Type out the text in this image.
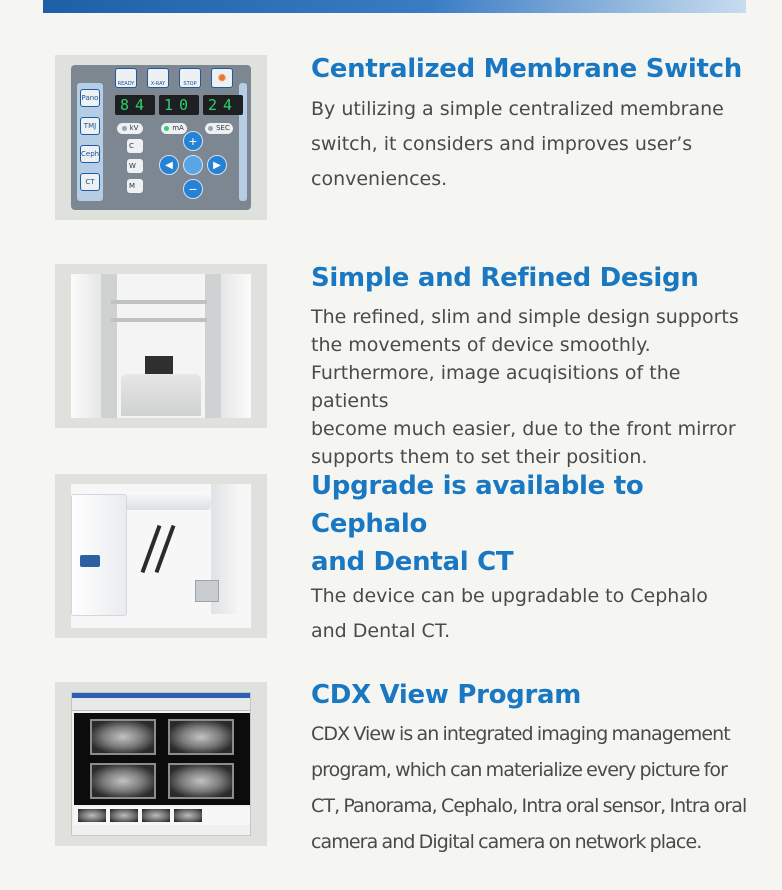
READY	X-RAY	STOP	✹
Pano
TMJ
Ceph
CT
84 10 24
kV	mA	SEC
C
W
M
+
−
◀	▶
Centralized Membrane Switch

By utilizing a simple centralized membrane
switch, it considers and improves user’s
conveniences.

Simple and Refined Design

The refined, slim and simple design supports
the movements of device smoothly.
Furthermore, image acuqisitions of the patients
become much easier, due to the front mirror
supports them to set their position.

Upgrade is available to Cephalo
and Dental CT

The device can be upgradable to Cephalo
and Dental CT.

CDX View Program

CDX View is an integrated imaging management
program, which can materialize every picture for
CT, Panorama, Cephalo, Intra oral sensor, Intra oral
camera and Digital camera on network place.
